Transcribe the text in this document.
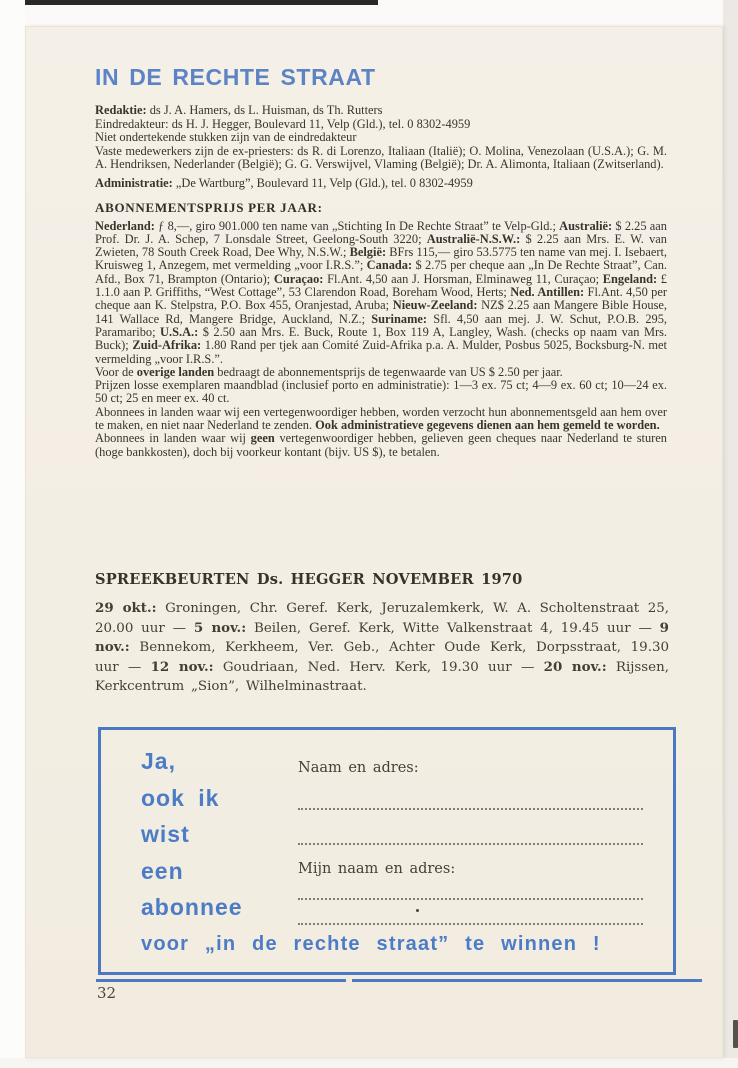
IN DE RECHTE STRAAT

Redaktie: ds J. A. Hamers, ds L. Huisman, ds Th. Rutters

Eindredakteur: ds H. J. Hegger, Boulevard 11, Velp (Gld.), tel. 0 8302-4959

Niet ondertekende stukken zijn van de eindredakteur

Vaste medewerkers zijn de ex-priesters: ds R. di Lorenzo, Italiaan (Italië); O. Molina, Venezolaan (U.S.A.); G. M. A. Hendriksen, Nederlander (België); G. G. Verswijvel, Vlaming (België); Dr. A. Alimonta, Italiaan (Zwitserland).

Administratie: „De Wartburg”, Boulevard 11, Velp (Gld.), tel. 0 8302-4959

ABONNEMENTSPRIJS PER JAAR:

Nederland: ƒ 8,—, giro 901.000 ten name van „Stichting In De Rechte Straat” te Velp-Gld.; Australië: $ 2.25 aan Prof. Dr. J. A. Schep, 7 Lonsdale Street, Geelong-South 3220; Australië-N.S.W.: $ 2.25 aan Mrs. E. W. van Zwieten, 78 South Creek Road, Dee Why, N.S.W.; België: BFrs 115,— giro 53.5775 ten name van mej. I. Isebaert, Kruisweg 1, Anzegem, met vermelding „voor I.R.S.”; Canada: $ 2.75 per cheque aan „In De Rechte Straat”, Can. Afd., Box 71, Brampton (Ontario); Curaçao: Fl.Ant. 4,50 aan J. Horsman, Elminaweg 11, Curaçao; Engeland: £ 1.1.0 aan P. Griffiths, “West Cottage”, 53 Clarendon Road, Boreham Wood, Herts; Ned. Antillen: Fl.Ant. 4,50 per cheque aan K. Stelpstra, P.O. Box 455, Oranjestad, Aruba; Nieuw-Zeeland: NZ$ 2.25 aan Mangere Bible House, 141 Wallace Rd, Mangere Bridge, Auckland, N.Z.; Suriname: Sfl. 4,50 aan mej. J. W. Schut, P.O.B. 295, Paramaribo; U.S.A.: $ 2.50 aan Mrs. E. Buck, Route 1, Box 119 A, Langley, Wash. (checks op naam van Mrs. Buck); Zuid-Afrika: 1.80 Rand per tjek aan Comité Zuid-Afrika p.a. A. Mulder, Posbus 5025, Bocksburg-N. met vermelding „voor I.R.S.”.

Voor de overige landen bedraagt de abonnementsprijs de tegenwaarde van US $ 2.50 per jaar.

Prijzen losse exemplaren maandblad (inclusief porto en administratie): 1—3 ex. 75 ct; 4—9 ex. 60 ct; 10—24 ex. 50 ct; 25 en meer ex. 40 ct.

Abonnees in landen waar wij een vertegenwoordiger hebben, worden verzocht hun abonnementsgeld aan hem over te maken, en niet naar Nederland te zenden. Ook administratieve gegevens dienen aan hem gemeld te worden.

Abonnees in landen waar wij geen vertegenwoordiger hebben, gelieven geen cheques naar Nederland te sturen (hoge bankkosten), doch bij voorkeur kontant (bijv. US $), te betalen.

SPREEKBEURTEN Ds. HEGGER NOVEMBER 1970

29 okt.: Groningen, Chr. Geref. Kerk, Jeruzalemkerk, W. A. Scholtenstraat 25, 20.00 uur — 5 nov.: Beilen, Geref. Kerk, Witte Valkenstraat 4, 19.45 uur — 9 nov.: Bennekom, Kerkheem, Ver. Geb., Achter Oude Kerk, Dorpsstraat, 19.30 uur — 12 nov.: Goudriaan, Ned. Herv. Kerk, 19.30 uur — 20 nov.: Rijssen, Kerkcentrum „Sion”, Wilhelminastraat.

Ja,
ook ik
wist
een
abonnee
Naam en adres:
Mijn naam en adres:
voor „in de rechte straat” te winnen !
32
